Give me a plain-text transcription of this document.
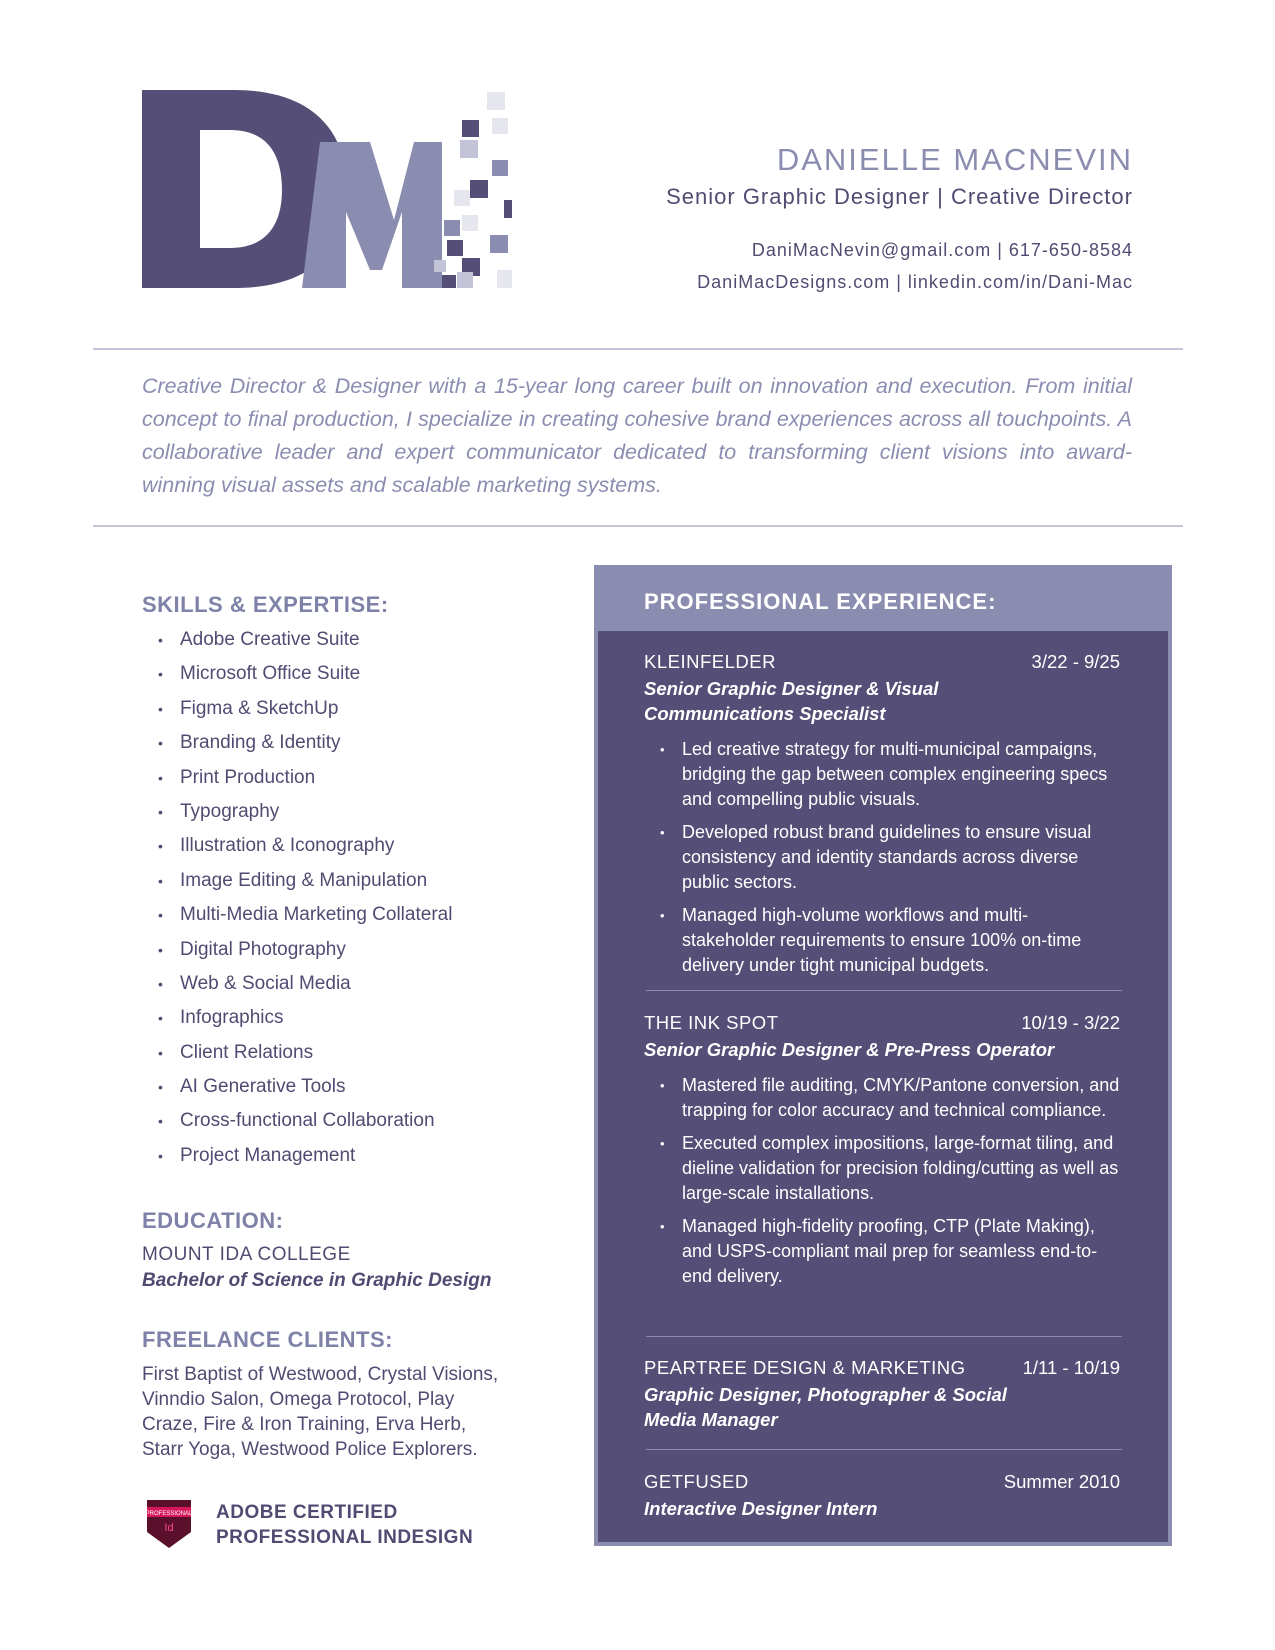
DANIELLE MACNEVIN
Senior Graphic Designer | Creative Director
DaniMacNevin@gmail.com | 617-650-8584
DaniMacDesigns.com | linkedin.com/in/Dani-Mac

Creative Director & Designer with a 15-year long career built on innovation and execution. From initial concept to final production, I specialize in creating cohesive brand experiences across all touchpoints. A collaborative leader and expert communicator dedicated to transforming client visions into award-winning visual assets and scalable marketing systems.

SKILLS & EXPERTISE:
• Adobe Creative Suite
• Microsoft Office Suite
• Figma & SketchUp
• Branding & Identity
• Print Production
• Typography
• Illustration & Iconography
• Image Editing & Manipulation
• Multi-Media Marketing Collateral
• Digital Photography
• Web & Social Media
• Infographics
• Client Relations
• AI Generative Tools
• Cross-functional Collaboration
• Project Management
EDUCATION:
MOUNT IDA COLLEGE
Bachelor of Science in Graphic Design
FREELANCE CLIENTS:

First Baptist of Westwood, Crystal Visions, Vinndio Salon, Omega Protocol, Play Craze, Fire & Iron Training, Erva Herb, Starr Yoga, Westwood Police Explorers.

PROFESSIONAL
Id
ADOBE CERTIFIED
PROFESSIONAL INDESIGN
PROFESSIONAL EXPERIENCE:
KLEINFELDER	3/22 - 9/25
Senior Graphic Designer & Visual Communications Specialist
• Led creative strategy for multi-municipal campaigns, bridging the gap between complex engineering specs and compelling public visuals.
• Developed robust brand guidelines to ensure visual consistency and identity standards across diverse public sectors.
• Managed high-volume workflows and multi-stakeholder requirements to ensure 100% on-time delivery under tight municipal budgets.
THE INK SPOT	10/19 - 3/22
Senior Graphic Designer & Pre-Press Operator
• Mastered file auditing, CMYK/Pantone conversion, and trapping for color accuracy and technical compliance.
• Executed complex impositions, large-format tiling, and dieline validation for precision folding/cutting as well as large-scale installations.
• Managed high-fidelity proofing, CTP (Plate Making), and USPS-compliant mail prep for seamless end-to-end delivery.
PEARTREE DESIGN & MARKETING	1/11 - 10/19
Graphic Designer, Photographer & Social Media Manager
GETFUSED	Summer 2010
Interactive Designer Intern
